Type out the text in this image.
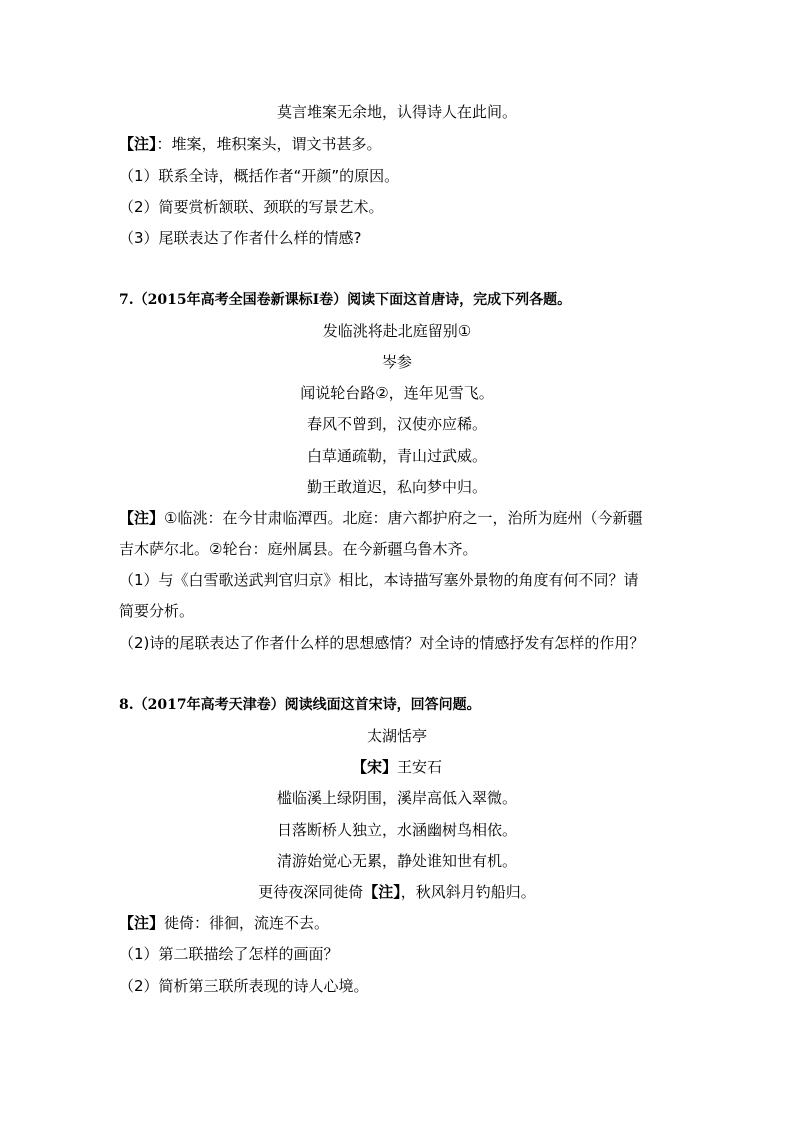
莫言堆案无余地，认得诗人在此间。
【注】：堆案，堆积案头，谓文书甚多。
（1）联系全诗，概括作者“开颜”的原因。
（2）简要赏析颔联、颈联的写景艺术。
（3）尾联表达了作者什么样的情感?
7.（2015年高考全国卷新课标Ⅰ卷）阅读下面这首唐诗，完成下列各题。
发临洮将赴北庭留别①
岑参
闻说轮台路②，连年见雪飞。
春风不曾到，汉使亦应稀。
白草通疏勒，青山过武威。
勤王敢道迟，私向梦中归。
【注】①临洮：在今甘肃临潭西。北庭：唐六都护府之一，治所为庭州（今新疆
吉木萨尔北。②轮台：庭州属县。在今新疆乌鲁木齐。
（1）与《白雪歌送武判官归京》相比，本诗描写塞外景物的角度有何不同？请
简要分析。
（2)诗的尾联表达了作者什么样的思想感情？对全诗的情感抒发有怎样的作用？
8.（2017年高考天津卷）阅读线面这首宋诗，回答问题。
太湖恬亭
【宋】王安石
槛临溪上绿阴围，溪岸高低入翠微。
日落断桥人独立，水涵幽树鸟相依。
清游始觉心无累，静处谁知世有机。
更待夜深同徙倚【注】，秋风斜月钓船归。
【注】徙倚：徘徊，流连不去。
（1）第二联描绘了怎样的画面？
（2）简析第三联所表现的诗人心境。
